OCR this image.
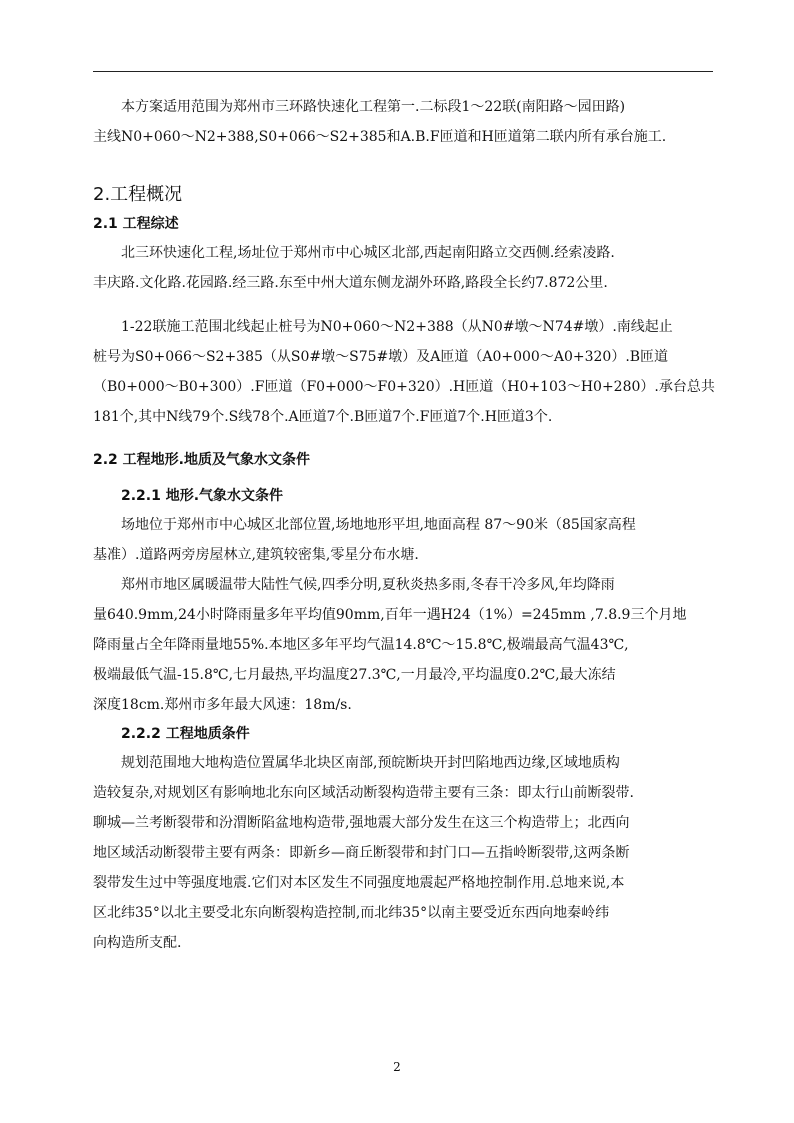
本方案适用范围为郑州市三环路快速化工程第一.二标段1～22联(南阳路～园田路)
主线N0+060～N2+388,S0+066～S2+385和A.B.F匝道和H匝道第二联内所有承台施工.

2.工程概况

2.1 工程综述

北三环快速化工程,场址位于郑州市中心城区北部,西起南阳路立交西侧.经索凌路.
丰庆路.文化路.花园路.经三路.东至中州大道东侧龙湖外环路,路段全长约7.872公里.

1-22联施工范围北线起止桩号为N0+060～N2+388（从N0#墩～N74#墩）.南线起止
桩号为S0+066～S2+385（从S0#墩～S75#墩）及A匝道（A0+000～A0+320）.B匝道
（B0+000～B0+300）.F匝道（F0+000～F0+320）.H匝道（H0+103～H0+280）.承台总共
181个,其中N线79个.S线78个.A匝道7个.B匝道7个.F匝道7个.H匝道3个.

2.2 工程地形.地质及气象水文条件

2.2.1 地形.气象水文条件

场地位于郑州市中心城区北部位置,场地地形平坦,地面高程 87～90米（85国家高程
基准）.道路两旁房屋林立,建筑较密集,零星分布水塘.

郑州市地区属暖温带大陆性气候,四季分明,夏秋炎热多雨,冬春干冷多风,年均降雨
量640.9mm,24小时降雨量多年平均值90mm,百年一遇H24（1%）=245mm ,7.8.9三个月地
降雨量占全年降雨量地55%.本地区多年平均气温14.8℃～15.8℃,极端最高气温43℃,
极端最低气温-15.8℃,七月最热,平均温度27.3℃,一月最冷,平均温度0.2℃,最大冻结
深度18cm.郑州市多年最大风速：18m/s.

2.2.2 工程地质条件

规划范围地大地构造位置属华北块区南部,预皖断块开封凹陷地西边缘,区域地质构
造较复杂,对规划区有影响地北东向区域活动断裂构造带主要有三条：即太行山前断裂带.
聊城—兰考断裂带和汾渭断陷盆地构造带,强地震大部分发生在这三个构造带上；北西向
地区域活动断裂带主要有两条：即新乡—商丘断裂带和封门口—五指岭断裂带,这两条断
裂带发生过中等强度地震.它们对本区发生不同强度地震起严格地控制作用.总地来说,本
区北纬35°以北主要受北东向断裂构造控制,而北纬35°以南主要受近东西向地秦岭纬
向构造所支配.

2
